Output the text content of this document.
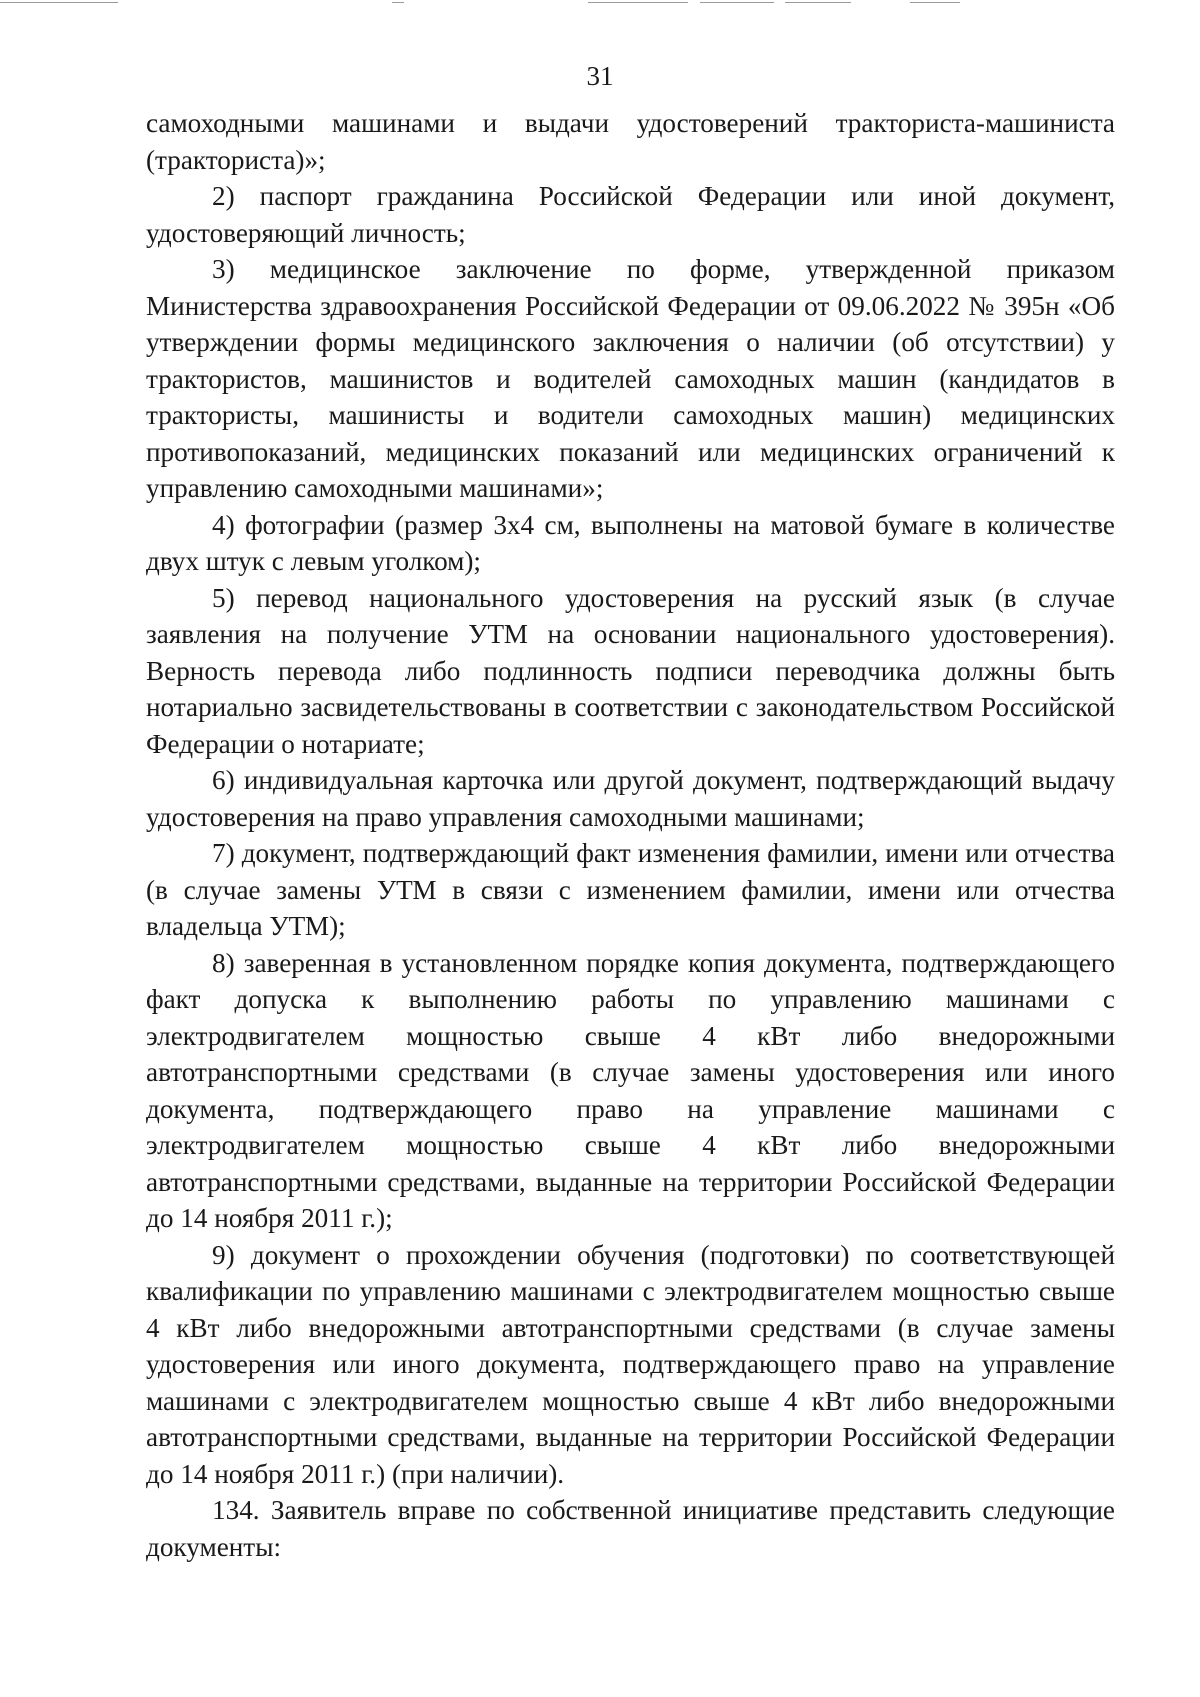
31

самоходными машинами и выдачи удостоверений тракториста-машиниста (тракториста)»;

2) паспорт гражданина Российской Федерации или иной документ, удостоверяющий личность;

3) медицинское заключение по форме, утвержденной приказом Министерства здравоохранения Российской Федерации от 09.06.2022 № 395н «Об утверждении формы медицинского заключения о наличии (об отсутствии) у трактористов, машинистов и водителей самоходных машин (кандидатов в трактористы, машинисты и водители самоходных машин) медицинских противопоказаний, медицинских показаний или медицинских ограничений к управлению самоходными машинами»;

4) фотографии (размер 3х4 см, выполнены на матовой бумаге в количестве двух штук с левым уголком);

5) перевод национального удостоверения на русский язык (в случае заявления на получение УТМ на основании национального удостоверения). Верность перевода либо подлинность подписи переводчика должны быть нотариально засвидетельствованы в соответствии с законодательством Российской Федерации о нотариате;

6) индивидуальная карточка или другой документ, подтверждающий выдачу удостоверения на право управления самоходными машинами;

7) документ, подтверждающий факт изменения фамилии, имени или отчества (в случае замены УТМ в связи с изменением фамилии, имени или отчества владельца УТМ);

8) заверенная в установленном порядке копия документа, подтверждающего факт допуска к выполнению работы по управлению машинами с электродвигателем мощностью свыше 4 кВт либо внедорожными автотранспортными средствами (в случае замены удостоверения или иного документа, подтверждающего право на управление машинами с электродвигателем мощностью свыше 4 кВт либо внедорожными автотранспортными средствами, выданные на территории Российской Федерации до 14 ноября 2011 г.);

9) документ о прохождении обучения (подготовки) по соответствующей квалификации по управлению машинами с электродвигателем мощностью свыше 4 кВт либо внедорожными автотранспортными средствами (в случае замены удостоверения или иного документа, подтверждающего право на управление машинами с электродвигателем мощностью свыше 4 кВт либо внедорожными автотранспортными средствами, выданные на территории Российской Федерации до 14 ноября 2011 г.) (при наличии).

134. Заявитель вправе по собственной инициативе представить следующие документы:
